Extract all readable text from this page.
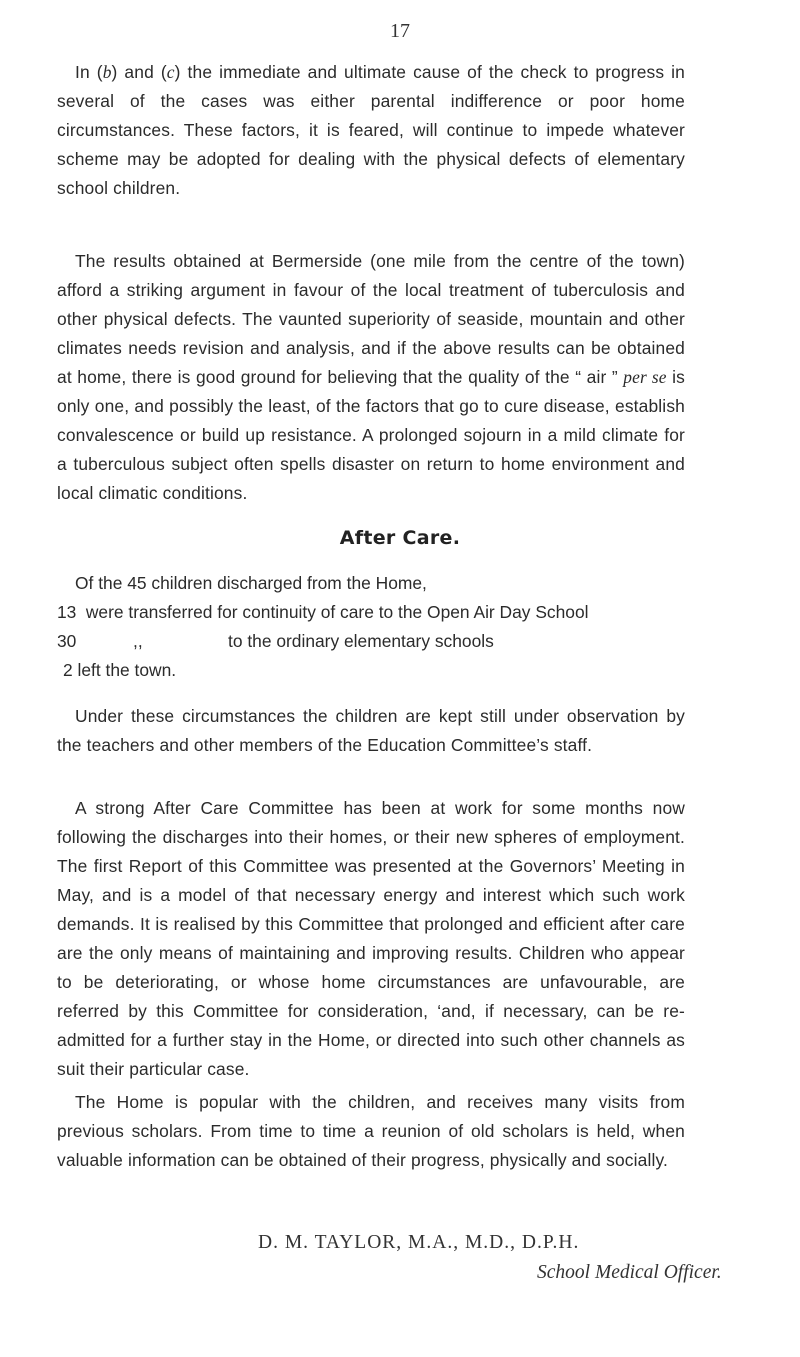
17

In (b) and (c) the immediate and ultimate cause of the check to progress in several of the cases was either parental indifference or poor home circumstances. These factors, it is feared, will continue to impede whatever scheme may be adopted for dealing with the physical defects of elementary school children.

The results obtained at Bermerside (one mile from the centre of the town) afford a striking argument in favour of the local treatment of tuberculosis and other physical defects. The vaunted superiority of seaside, mountain and other climates needs revision and analysis, and if the above results can be obtained at home, there is good ground for believing that the quality of the “ air ” per se is only one, and possibly the least, of the factors that go to cure disease, establish convalescence or build up resistance. A prolonged sojourn in a mild climate for a tuberculous subject often spells disaster on return to home environment and local climatic conditions.

After Care.
Of the 45 children discharged from the Home,
13 were transferred for continuity of care to the Open Air Day School
30	,,	to the ordinary elementary schools
2 left the town.

Under these circumstances the children are kept still under observation by the teachers and other members of the Education Committee’s staff.

A strong After Care Committee has been at work for some months now following the discharges into their homes, or their new spheres of employment. The first Report of this Committee was presented at the Governors’ Meeting in May, and is a model of that necessary energy and interest which such work demands. It is realised by this Committee that prolonged and efficient after care are the only means of maintaining and improving results. Children who appear to be deteriorating, or whose home circumstances are unfavourable, are referred by this Committee for consideration, ‘and, if necessary, can be re-admitted for a further stay in the Home, or directed into such other channels as suit their particular case.

The Home is popular with the children, and receives many visits from previous scholars. From time to time a reunion of old scholars is held, when valuable information can be obtained of their progress, physically and socially.

D. M. TAYLOR, M.A., M.D., D.P.H.
School Medical Officer.
